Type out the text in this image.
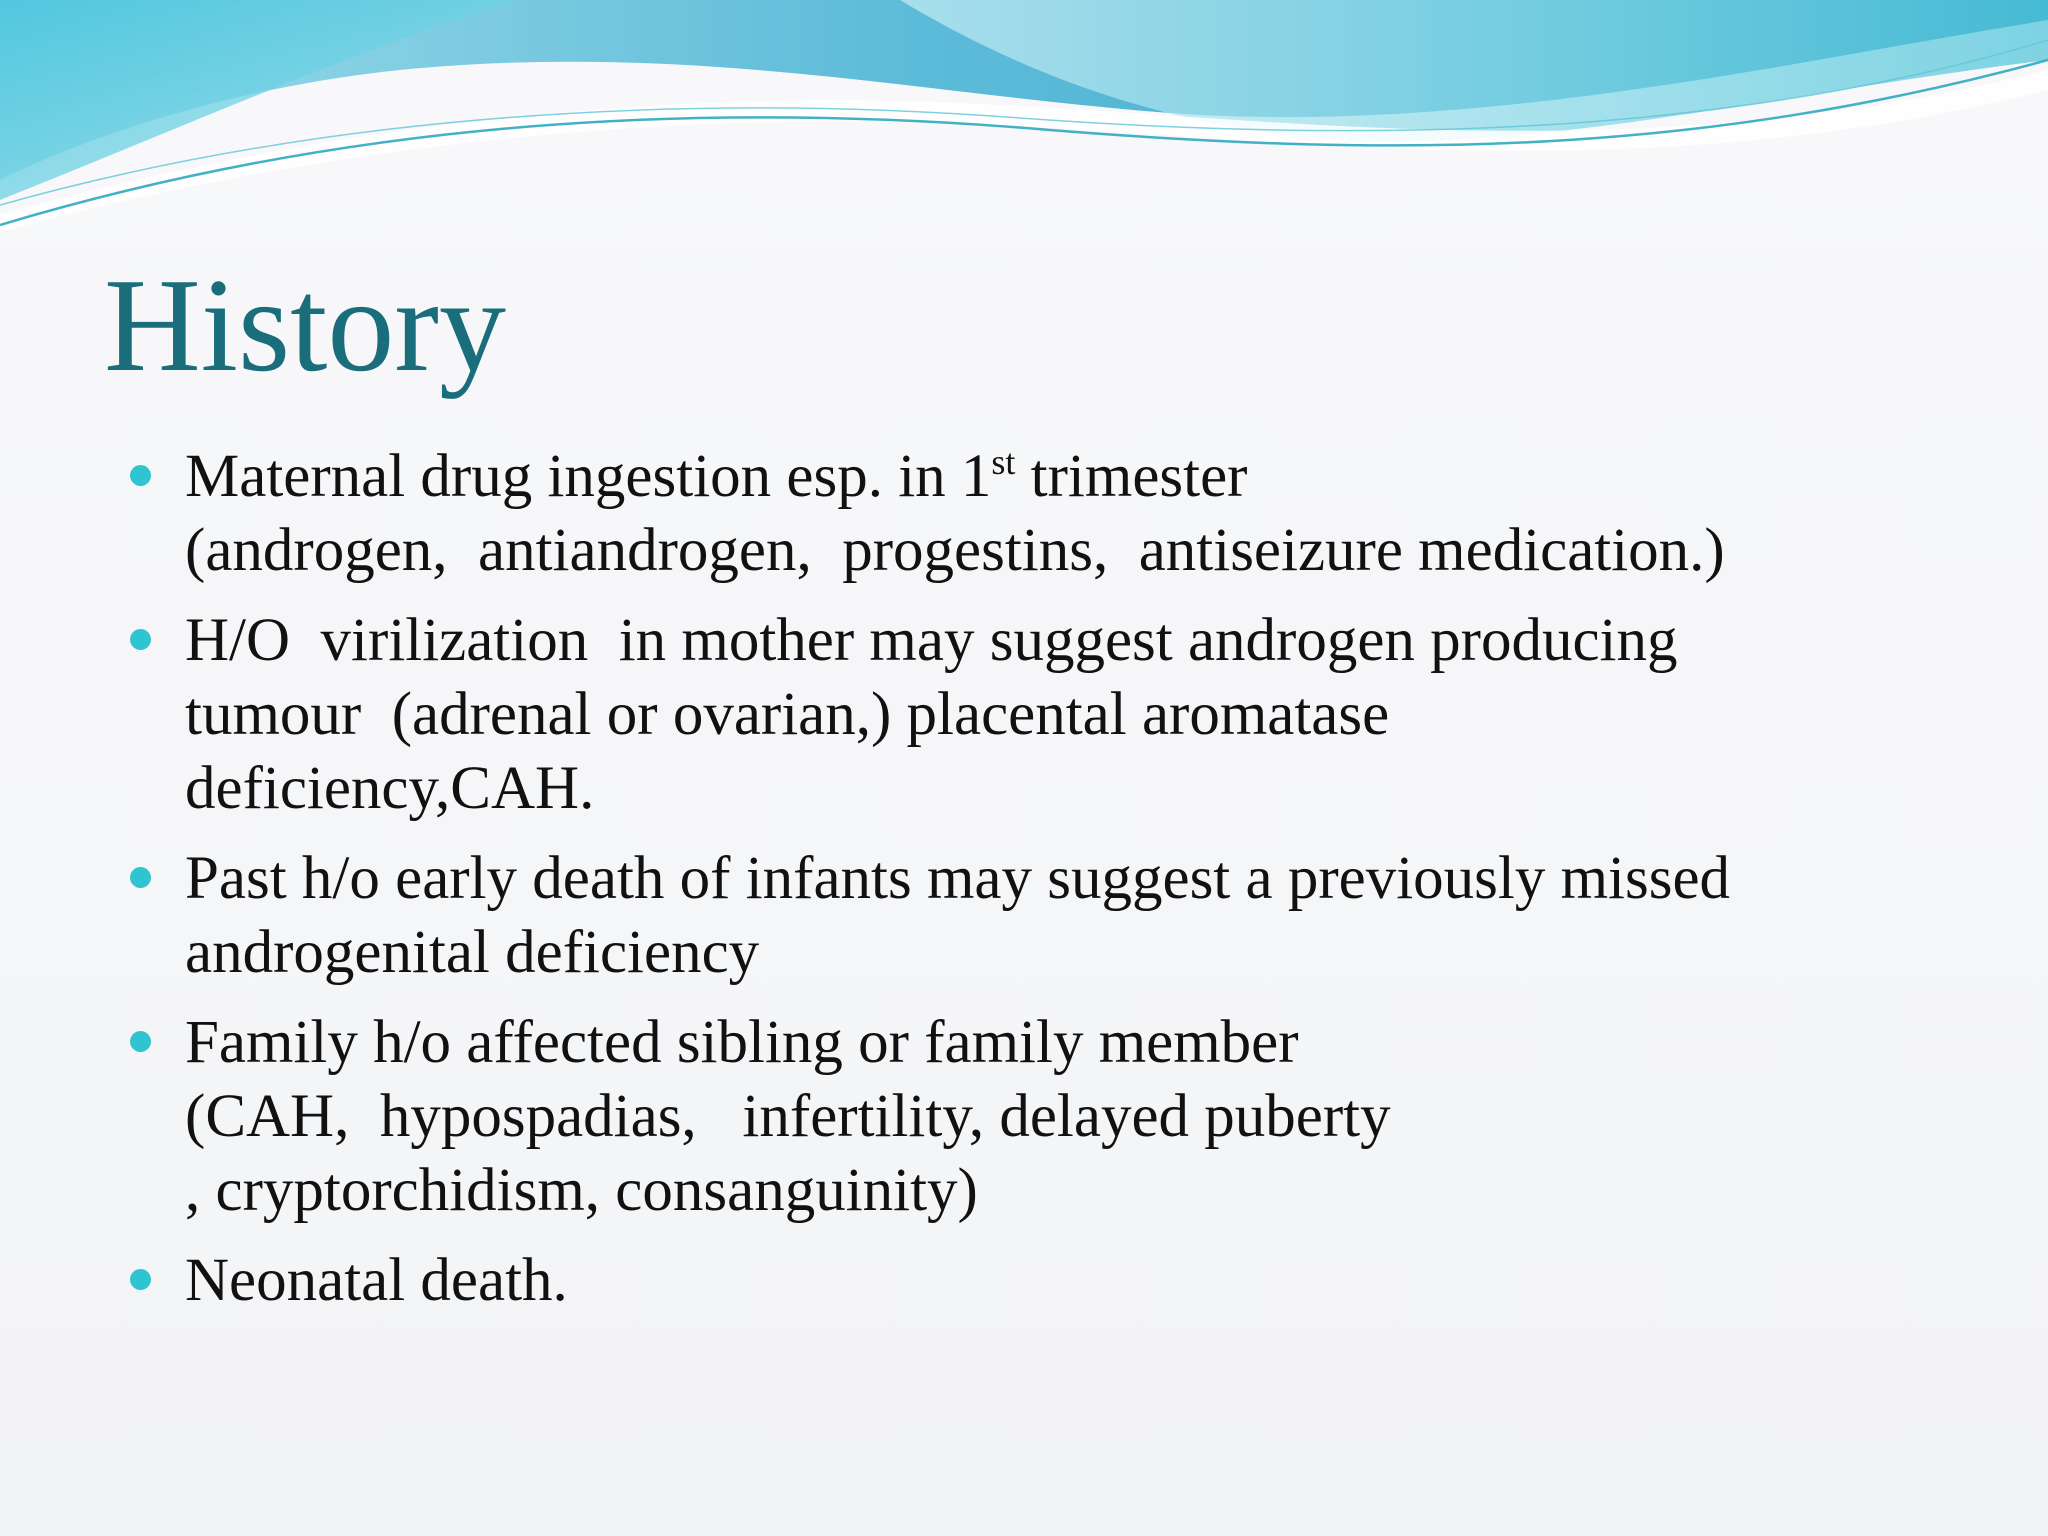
History
Maternal drug ingestion esp. in 1st trimester
(androgen,  antiandrogen,  progestins,  antiseizure medication.)
H/O  virilization  in mother may suggest androgen producing
tumour  (adrenal or ovarian,) placental aromatase
deficiency,CAH.
Past h/o early death of infants may suggest a previously missed
androgenital deficiency
Family h/o affected sibling or family member
(CAH,  hypospadias,   infertility, delayed puberty
, cryptorchidism, consanguinity)
Neonatal death.
